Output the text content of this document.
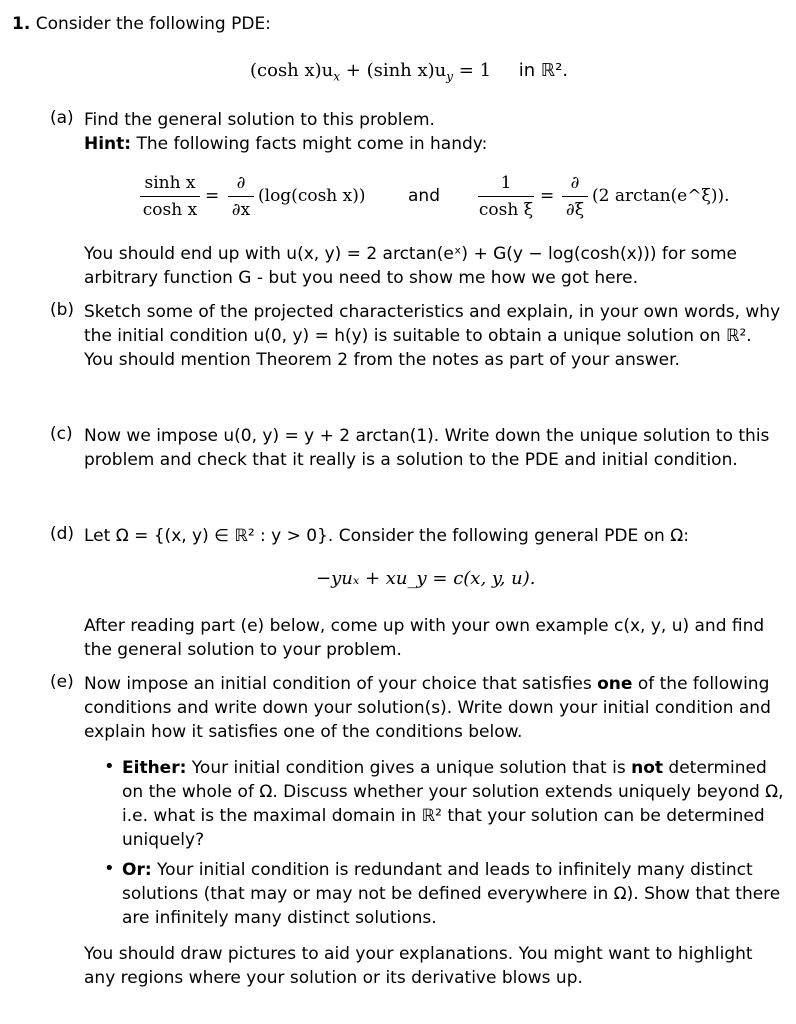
1. Consider the following PDE:
(cosh $x)u_x + (\sinh$ $x)u_y = 1$ in ℝ².
(a) Find the general solution to this problem.
Hint: The following facts might come in handy:
sinh x
cosh x
=
∂
∂x
(log(cosh x)) and
1
cosh ξ
=
∂
∂ξ
(2 arctan(e^ξ)).
You should end up with u(x, y) = 2 arctan(eˣ) + G(y − log(cosh(x))) for some
arbitrary function G - but you need to show me how we got here.
(b) Sketch some of the projected characteristics and explain, in your own words, why
the initial condition u(0, y) = h(y) is suitable to obtain a unique solution on ℝ².
You should mention Theorem 2 from the notes as part of your answer.
(c) Now we impose u(0, y) = y + 2 arctan(1). Write down the unique solution to this
problem and check that it really is a solution to the PDE and initial condition.
(d) Let Ω = {(x, y) ∈ ℝ² : y > 0}. Consider the following general PDE on Ω:
−yuₓ + xu_y = c(x, y, u).
After reading part (e) below, come up with your own example c(x, y, u) and find
the general solution to your problem.
(e) Now impose an initial condition of your choice that satisfies one of the following
conditions and write down your solution(s). Write down your initial condition and
explain how it satisfies one of the conditions below.
• Either: Your initial condition gives a unique solution that is not determined
on the whole of Ω. Discuss whether your solution extends uniquely beyond Ω,
i.e. what is the maximal domain in ℝ² that your solution can be determined
uniquely?
• Or: Your initial condition is redundant and leads to infinitely many distinct
solutions (that may or may not be defined everywhere in Ω). Show that there
are infinitely many distinct solutions.
You should draw pictures to aid your explanations. You might want to highlight
any regions where your solution or its derivative blows up.
